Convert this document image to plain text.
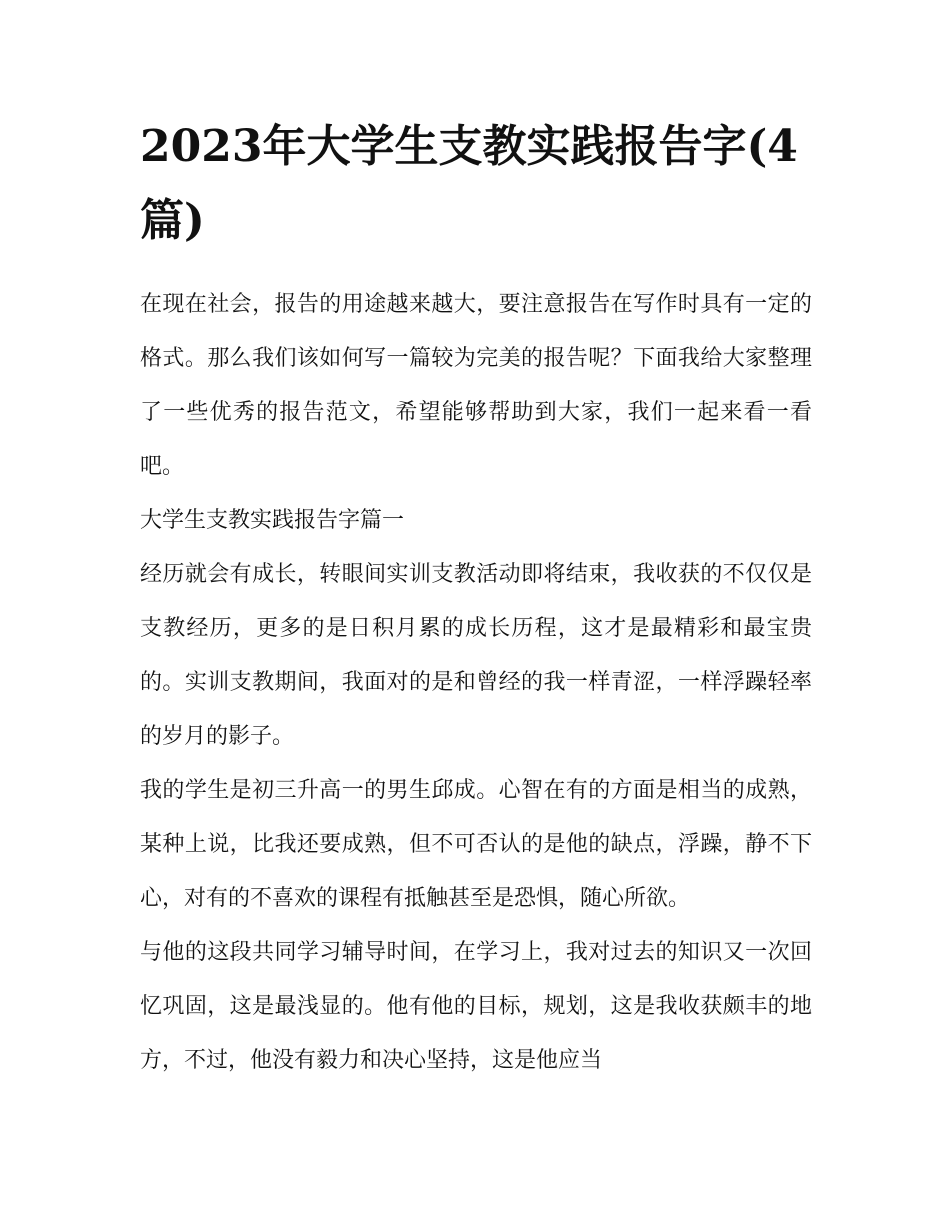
2023年大学生支教实践报告字(4篇)

在现在社会，报告的用途越来越大，要注意报告在写作时具有一定的格式。那么我们该如何写一篇较为完美的报告呢？下面我给大家整理了一些优秀的报告范文，希望能够帮助到大家，我们一起来看一看吧。

大学生支教实践报告字篇一

经历就会有成长，转眼间实训支教活动即将结束，我收获的不仅仅是支教经历，更多的是日积月累的成长历程，这才是最精彩和最宝贵的。实训支教期间，我面对的是和曾经的我一样青涩，一样浮躁轻率的岁月的影子。

我的学生是初三升高一的男生邱成。心智在有的方面是相当的成熟，某种上说，比我还要成熟，但不可否认的是他的缺点，浮躁，静不下心，对有的不喜欢的课程有抵触甚至是恐惧，随心所欲。

与他的这段共同学习辅导时间，在学习上，我对过去的知识又一次回忆巩固，这是最浅显的。他有他的目标，规划，这是我收获颇丰的地方，不过，他没有毅力和决心坚持，这是他应当
